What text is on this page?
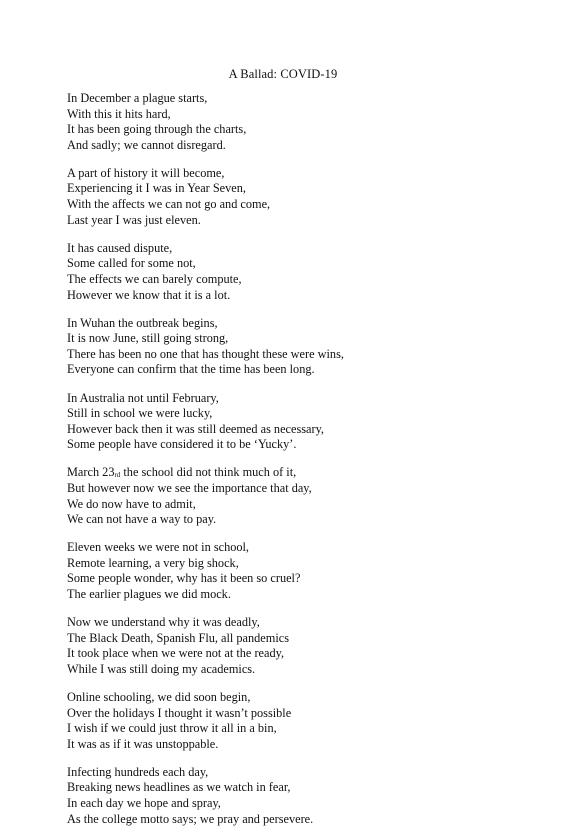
A Ballad: COVID-19
In December a plague starts,
With this it hits hard,
It has been going through the charts,
And sadly; we cannot disregard.
A part of history it will become,
Experiencing it I was in Year Seven,
With the affects we can not go and come,
Last year I was just eleven.
It has caused dispute,
Some called for some not,
The effects we can barely compute,
However we know that it is a lot.
In Wuhan the outbreak begins,
It is now June, still going strong,
There has been no one that has thought these were wins,
Everyone can confirm that the time has been long.
In Australia not until February,
Still in school we were lucky,
However back then it was still deemed as necessary,
Some people have considered it to be ‘Yucky’.
March $23_{rd}$ the school did not think much of it,
But however now we see the importance that day,
We do now have to admit,
We can not have a way to pay.
Eleven weeks we were not in school,
Remote learning, a very big shock,
Some people wonder, why has it been so cruel?
The earlier plagues we did mock.
Now we understand why it was deadly,
The Black Death, Spanish Flu, all pandemics
It took place when we were not at the ready,
While I was still doing my academics.
Online schooling, we did soon begin,
Over the holidays I thought it wasn’t possible
I wish if we could just throw it all in a bin,
It was as if it was unstoppable.
Infecting hundreds each day,
Breaking news headlines as we watch in fear,
In each day we hope and spray,
As the college motto says; we pray and persevere.
